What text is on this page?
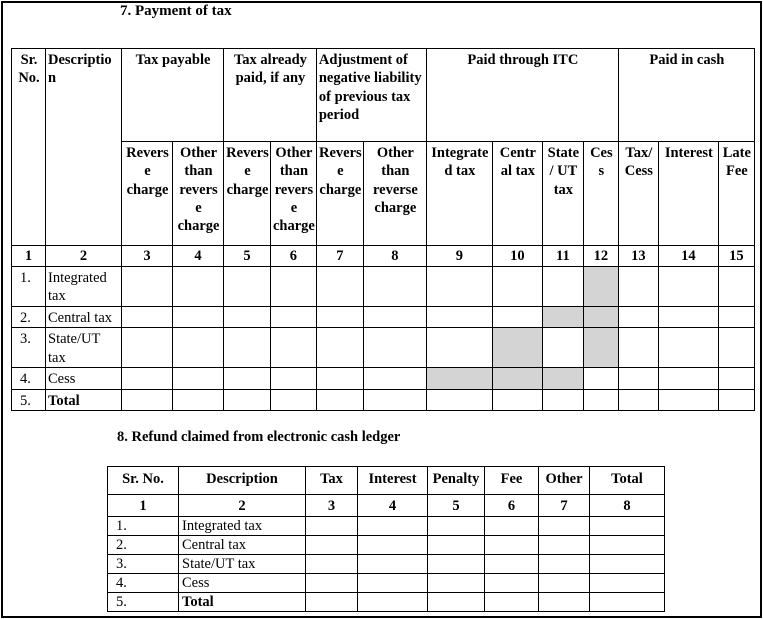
7. Payment of tax
Sr. No.	Descriptio n	Tax payable		Tax already paid, if any		Adjustment of negative liability of previous tax period		Paid through ITC				Paid in cash		
		Revers e charge	Other than revers e charge	Revers e charge	Other than revers e charge	Revers e charge	Other than reverse charge	Integrate d tax	Centr al tax	State / UT tax	Ces s	Tax/ Cess	Interest	Late Fee
1	2	3	4	5	6	7	8	9	10	11	12	13	14	15
1.	Integrated tax													
2.	Central tax													
3.	State/UT tax													
4.	Cess													
5.	Total													
8. Refund claimed from electronic cash ledger
Sr. No.	Description	Tax	Interest	Penalty	Fee	Other	Total
1	2	3	4	5	6	7	8
1.	Integrated tax						
2.	Central tax						
3.	State/UT tax						
4.	Cess						
5.	Total						
